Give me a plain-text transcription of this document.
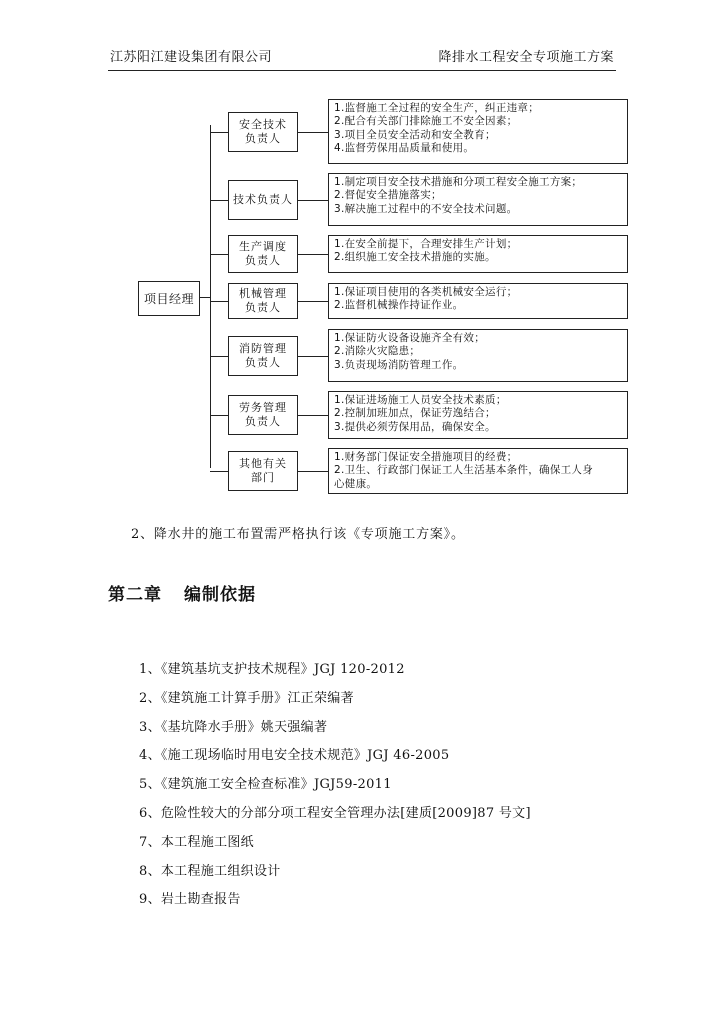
江苏阳江建设集团有限公司	降排水工程安全专项施工方案
项目经理
安全技术
负责人
1.监督施工全过程的安全生产，纠正违章；
2.配合有关部门排除施工不安全因素；
3.项目全员安全活动和安全教育；
4.监督劳保用品质量和使用。
技术负责人
1.制定项目安全技术措施和分项工程安全施工方案；
2.督促安全措施落实；
3.解决施工过程中的不安全技术问题。
生产调度
负责人
1.在安全前提下，合理安排生产计划；
2.组织施工安全技术措施的实施。
机械管理
负责人
1.保证项目使用的各类机械安全运行；
2.监督机械操作持证作业。
消防管理
负责人
1.保证防火设备设施齐全有效；
2.消除火灾隐患；
3.负责现场消防管理工作。
劳务管理
负责人
1.保证进场施工人员安全技术素质；
2.控制加班加点，保证劳逸结合；
3.提供必须劳保用品，确保安全。
其他有关
部门
1.财务部门保证安全措施项目的经费；
2.卫生、行政部门保证工人生活基本条件，确保工人身
心健康。
2、降水井的施工布置需严格执行该《专项施工方案》。
第二章 编制依据
1、《建筑基坑支护技术规程》JGJ 120-2012
2、《建筑施工计算手册》江正荣编著
3、《基坑降水手册》姚天强编著
4、《施工现场临时用电安全技术规范》JGJ 46-2005
5、《建筑施工安全检查标准》JGJ59-2011
6、危险性较大的分部分项工程安全管理办法[建质[2009]87 号文]
7、本工程施工图纸
8、本工程施工组织设计
9、岩土勘查报告
